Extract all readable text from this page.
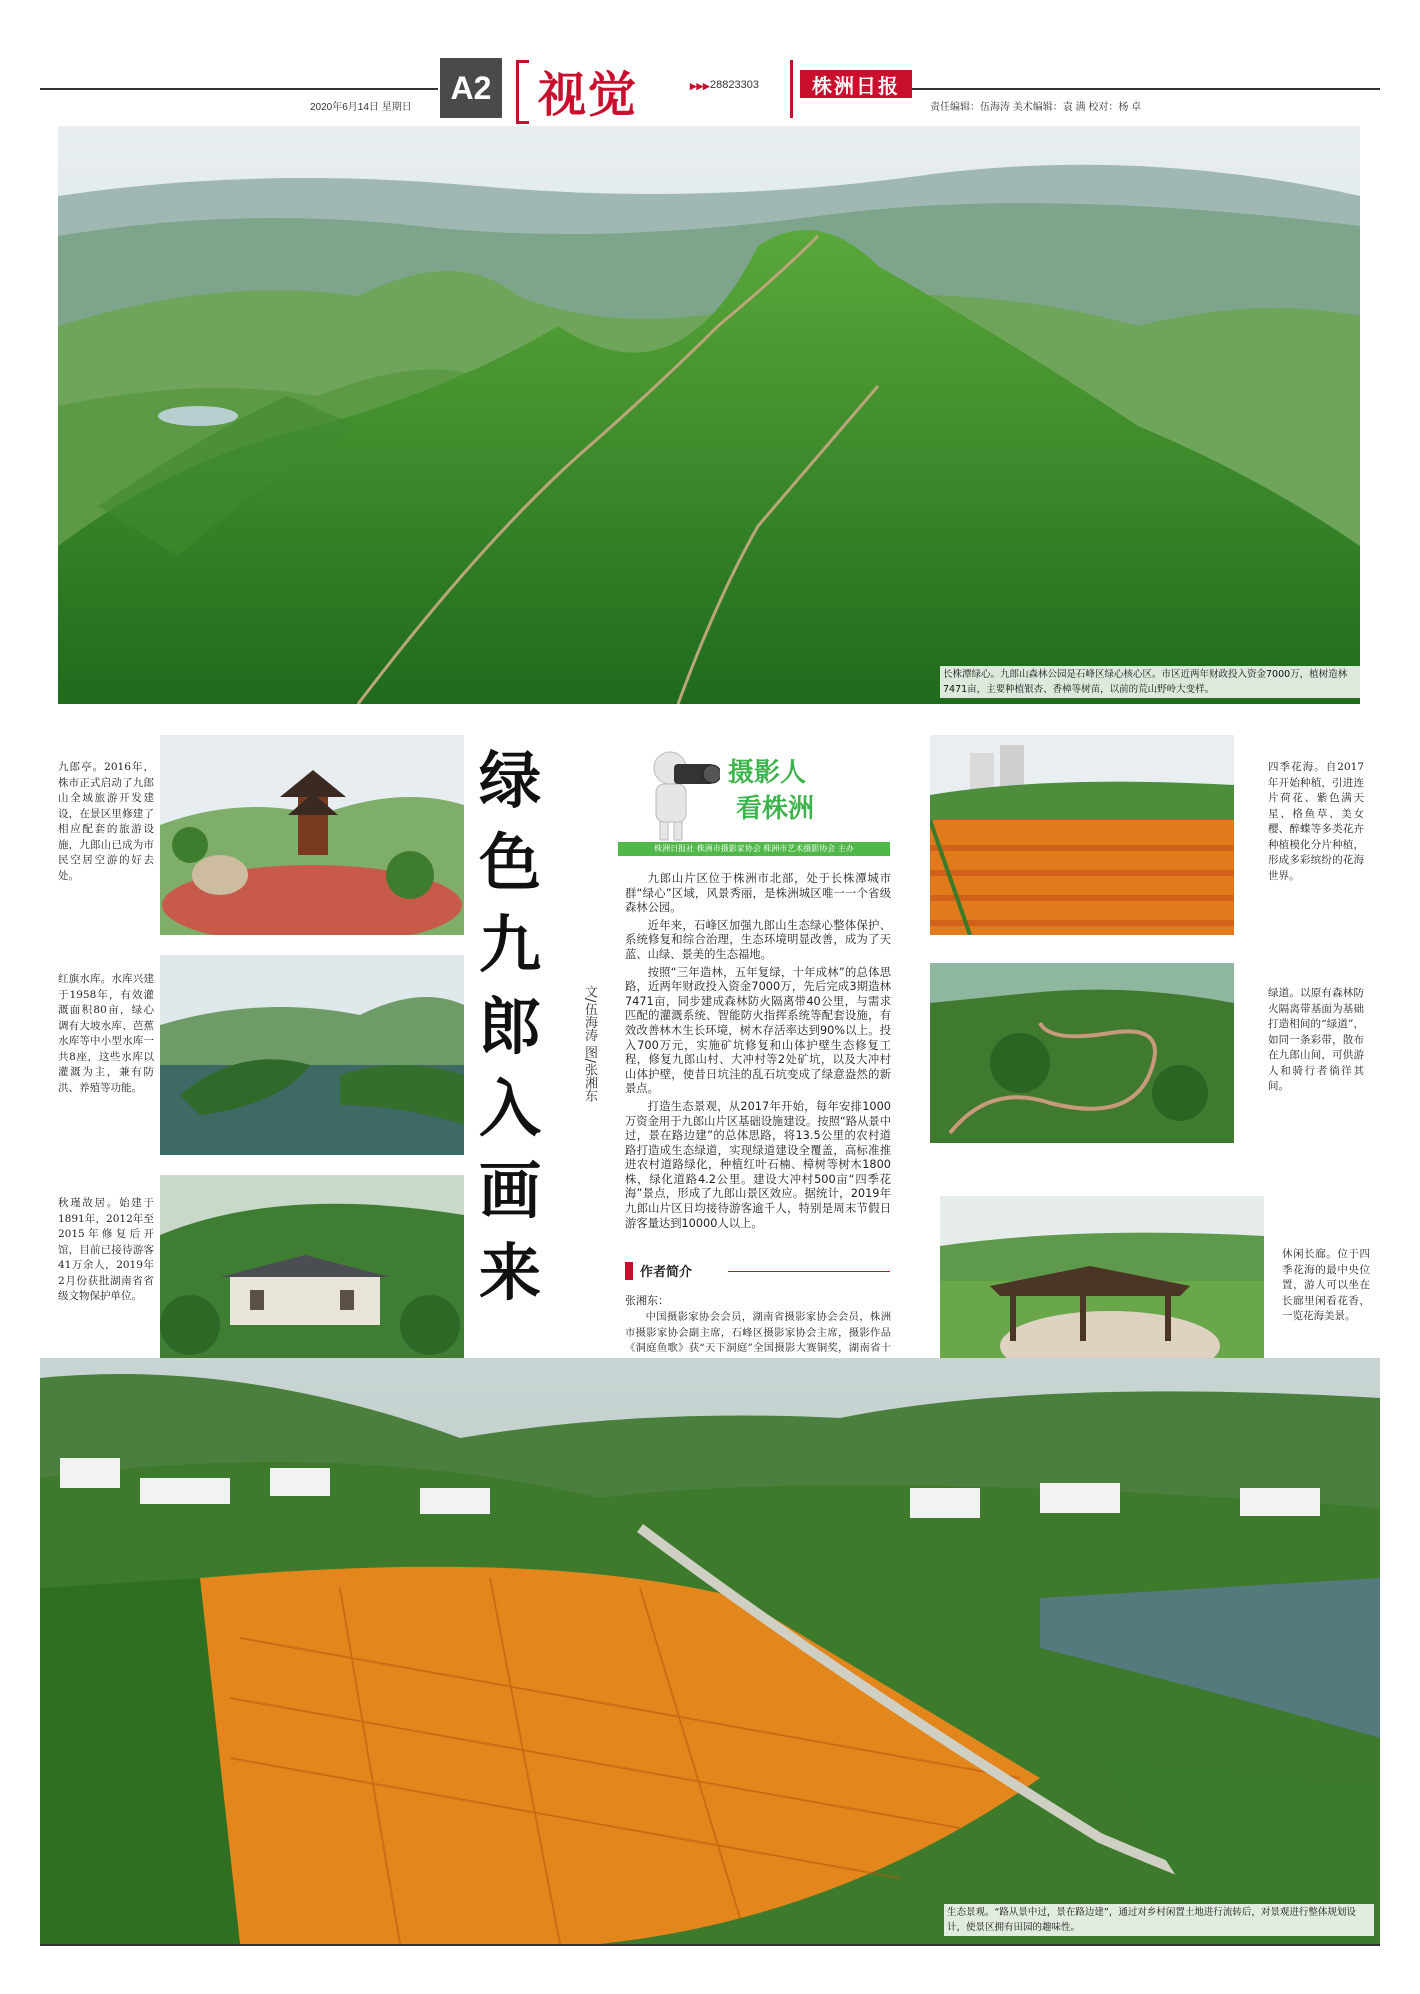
A2
2020年6月14日 星期日	视觉	▸▸▸ 28823303	株洲日报
责任编辑：伍海涛 美术编辑：袁 满 校对：杨 卓
长株潭绿心。九郎山森林公园是石峰区绿心核心区。市区近两年财政投入资金7000万，植树造林7471亩，主要种植银杏、香樟等树苗，以前的荒山野岭大变样。
九郎亭。2016年，株市正式启动了九郎山全域旅游开发建设，在景区里修建了相应配套的旅游设施，九郎山已成为市民空居空游的好去处。
红旗水库。水库兴建于1958年，有效灌溉面积80亩，绿心调有大坡水库、芭蕉水库等中小型水库一共8座，这些水库以灌溉为主，兼有防洪、养殖等功能。
秋瑾故居。始建于1891年，2012年至2015年修复后开馆，目前已接待游客41万余人，2019年2月份获批湖南省省级文物保护单位。
绿色九郎入画来
文/伍海涛 图/张湘东
摄影人
看株洲
株洲日报社 株洲市摄影家协会 株洲市艺术摄影协会 主办

九郎山片区位于株洲市北部，处于长株潭城市群“绿心”区域，风景秀丽，是株洲城区唯一一个省级森林公园。

近年来，石峰区加强九郎山生态绿心整体保护、系统修复和综合治理，生态环境明显改善，成为了天蓝、山绿、景美的生态福地。

按照“三年造林，五年复绿，十年成林”的总体思路，近两年财政投入资金7000万，先后完成3期造林7471亩，同步建成森林防火隔离带40公里，与需求匹配的灌溉系统、智能防火指挥系统等配套设施，有效改善林木生长环境，树木存活率达到90%以上。投入700万元，实施矿坑修复和山体护壁生态修复工程，修复九郎山村、大冲村等2处矿坑，以及大冲村山体护壁，使昔日坑洼的乱石坑变成了绿意盎然的新景点。

打造生态景观，从2017年开始，每年安排1000万资金用于九郎山片区基础设施建设。按照“路从景中过，景在路边建”的总体思路，将13.5公里的农村道路打造成生态绿道，实现绿道建设全覆盖，高标准推进农村道路绿化，种植红叶石楠、樟树等树木1800株，绿化道路4.2公里。建设大冲村500亩“四季花海”景点，形成了九郎山景区效应。据统计，2019年九郎山片区日均接待游客逾千人，特别是周末节假日游客量达到10000人以上。

作者简介
张湘东：
中国摄影家协会会员，湖南省摄影家协会会员，株洲市摄影家协会副主席，石峰区摄影家协会主席，摄影作品《洞庭鱼歌》获“天下洞庭”全国摄影大赛铜奖，湖南省十
四季花海。自2017年开始种植，引进连片荷花、紫色满天星、格鱼草、美女樱、醉蝶等多类花卉种植模化分片种植，形成多彩缤纷的花海世界。
绿道。以原有森林防火隔离带基面为基础打造相间的“绿道”，如同一条彩带，散布在九郎山间，可供游人和骑行者徜徉其间。
休闲长廊。位于四季花海的最中央位置，游人可以坐在长廊里闲看花香，一览花海美景。
生态景观。“路从景中过，景在路边建”，通过对乡村闲置土地进行流转后，对景观进行整体规划设计，使景区拥有田园的趣味性。
